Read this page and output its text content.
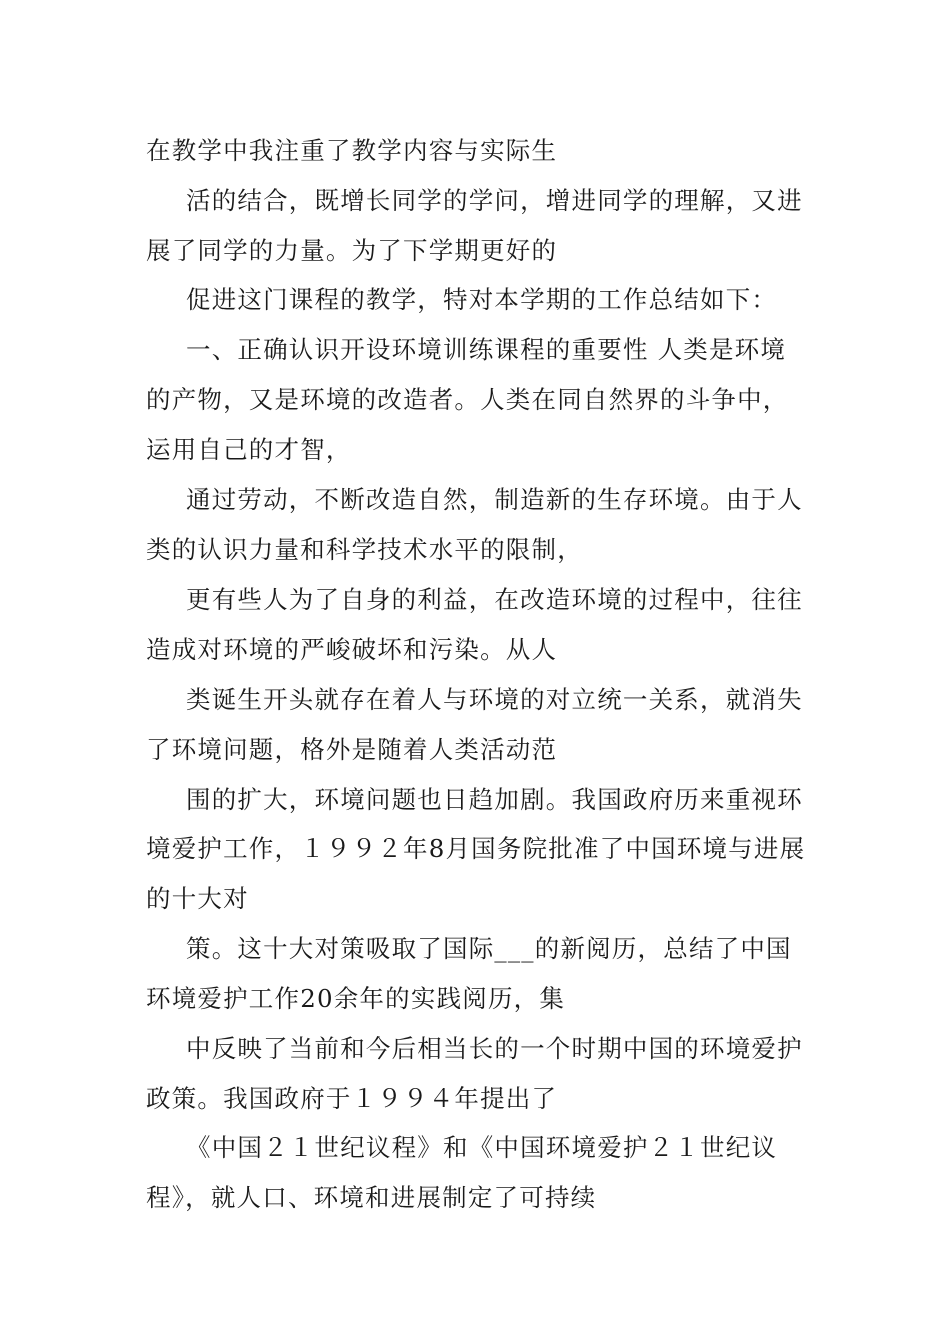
在教学中我注重了教学内容与实际生
活的结合，既增长同学的学问，增进同学的理解，又进
展了同学的力量。为了下学期更好的
促进这门课程的教学，特对本学期的工作总结如下：
一、正确认识开设环境训练课程的重要性 人类是环境
的产物，又是环境的改造者。人类在同自然界的斗争中，
运用自己的才智，
通过劳动，不断改造自然，制造新的生存环境。由于人
类的认识力量和科学技术水平的限制，
更有些人为了自身的利益，在改造环境的过程中，往往
造成对环境的严峻破坏和污染。从人
类诞生开头就存在着人与环境的对立统一关系，就消失
了环境问题，格外是随着人类活动范
围的扩大，环境问题也日趋加剧。我国政府历来重视环
境爱护工作，１９９２年8月国务院批准了中国环境与进展
的十大对
策。这十大对策吸取了国际___的新阅历，总结了中国
环境爱护工作20余年的实践阅历，集
中反映了当前和今后相当长的一个时期中国的环境爱护
政策。我国政府于１９９４年提出了
《中国２１世纪议程》和《中国环境爱护２１世纪议
程》，就人口、环境和进展制定了可持续
